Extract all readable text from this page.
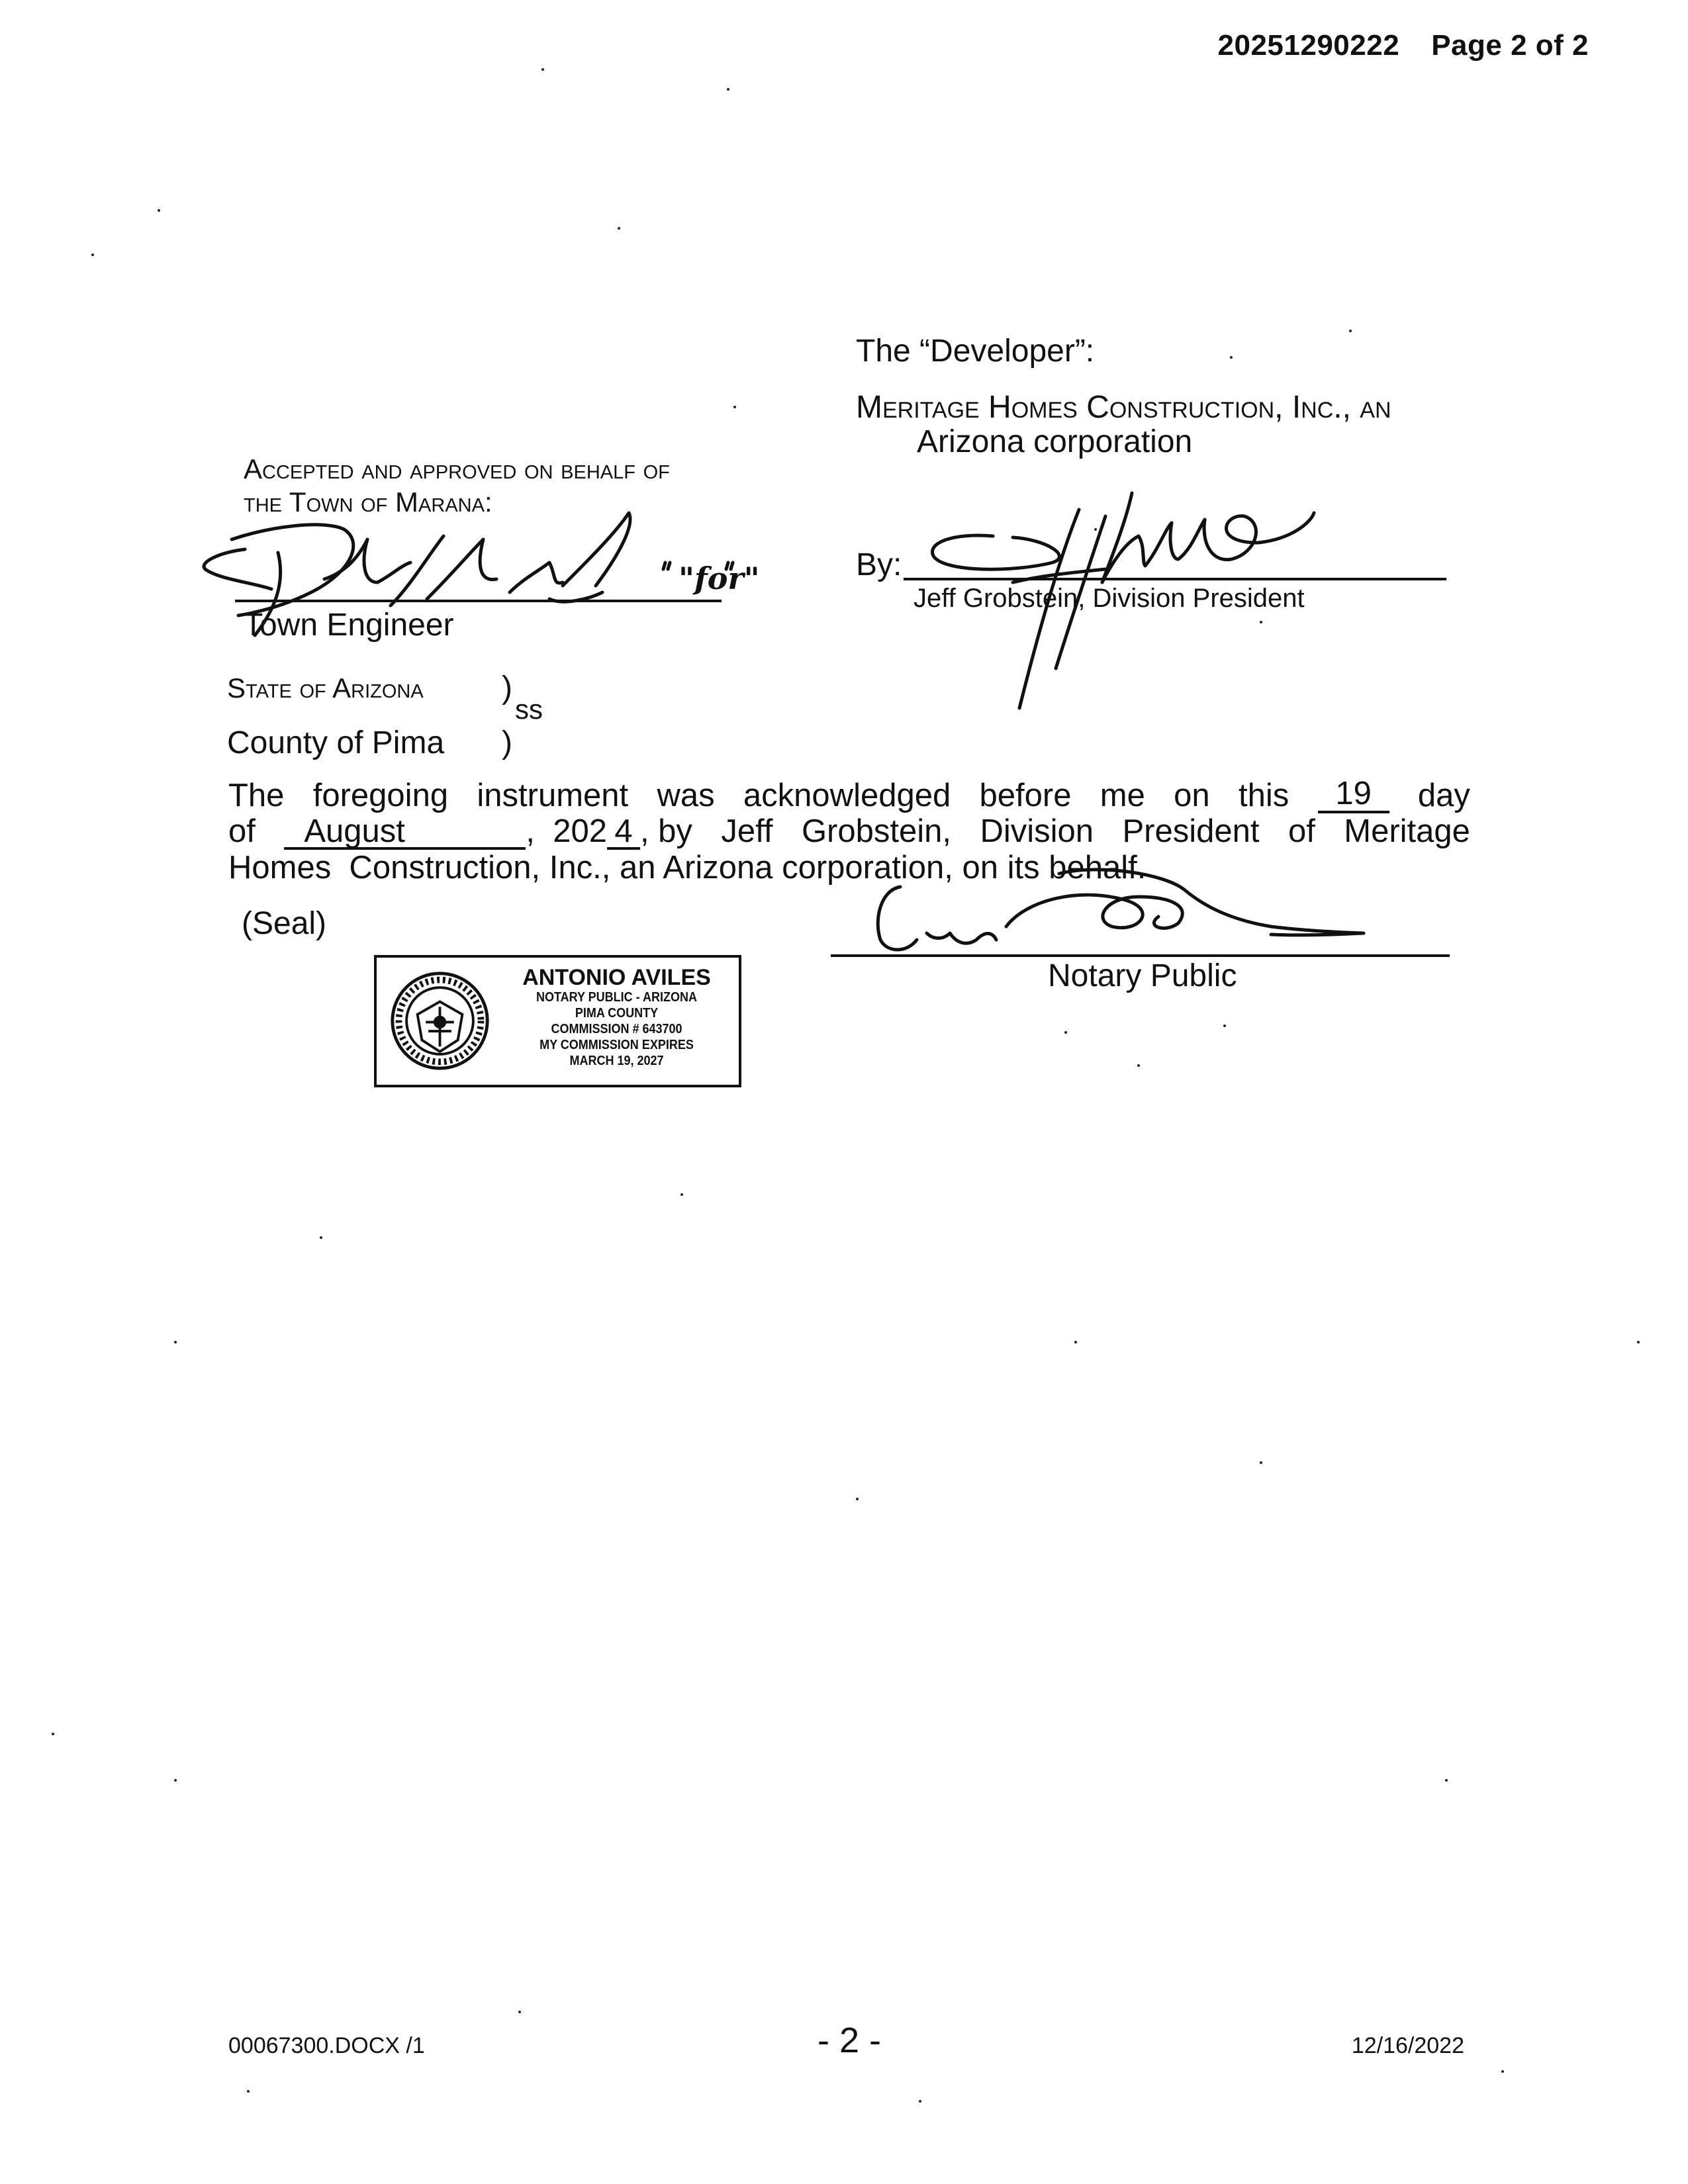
20251290222 Page 2 of 2
The “Developer”:
Meritage Homes Construction, Inc., an
Arizona corporation
By:
Jeff Grobstein, Division President
Accepted and approved on behalf of
the Town of Marana:
Town Engineer
"for"
State of Arizona )
ss
County of Pima )
The foregoing instrument was acknowledged before me on this	19	day
of	August	, 202 4 , by Jeff Grobstein, Division President of Meritage
Homes  Construction, Inc., an Arizona corporation, on its behalf.
(Seal)
Notary Public
ANTONIO AVILES
NOTARY PUBLIC - ARIZONA
PIMA COUNTY
COMMISSION # 643700
MY COMMISSION EXPIRES
MARCH 19, 2027
00067300.DOCX /1	- 2 -	12/16/2022
